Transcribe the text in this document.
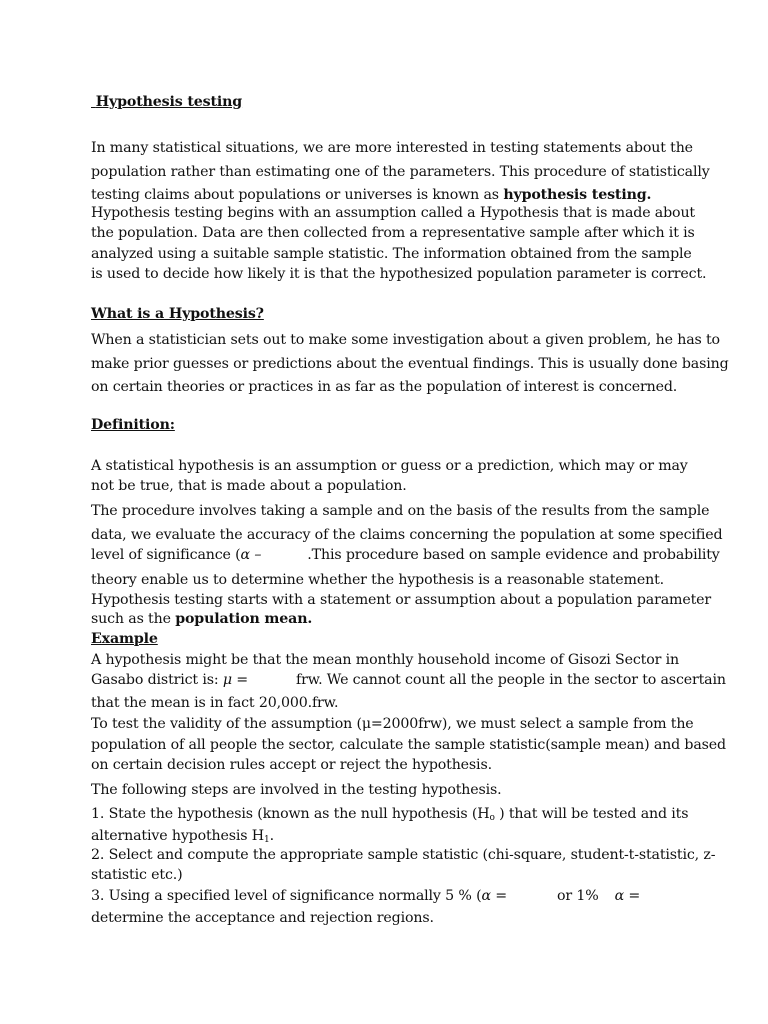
Hypothesis testing
In many statistical situations, we are more interested in testing statements about the
population rather than estimating one of the parameters. This procedure of statistically
testing claims about populations or universes is known as hypothesis testing.
Hypothesis testing begins with an assumption called a Hypothesis that is made about
the population. Data are then collected from a representative sample after which it is
analyzed using a suitable sample statistic. The information obtained from the sample
is used to decide how likely it is that the hypothesized population parameter is correct.
What is a Hypothesis?
When a statistician sets out to make some investigation about a given problem, he has to
make prior guesses or predictions about the eventual findings. This is usually done basing
on certain theories or practices in as far as the population of interest is concerned.
Definition:
A statistical hypothesis is an assumption or guess or a prediction, which may or may
not be true, that is made about a population.
The procedure involves taking a sample and on the basis of the results from the sample
data, we evaluate the accuracy of the claims concerning the population at some specified
level of significance (α –	.This procedure based on sample evidence and probability
theory enable us to determine whether the hypothesis is a reasonable statement.
Hypothesis testing starts with a statement or assumption about a population parameter
such as the population mean.
Example
A hypothesis might be that the mean monthly household income of Gisozi Sector in
Gasabo district is: μ =	frw. We cannot count all the people in the sector to ascertain
that the mean is in fact 20,000.frw.
To test the validity of the assumption (μ=2000frw), we must select a sample from the
population of all people the sector, calculate the sample statistic(sample mean) and based
on certain decision rules accept or reject the hypothesis.
The following steps are involved in the testing hypothesis.
1. State the hypothesis (known as the null hypothesis ($H_o$ ) that will be tested and its
alternative hypothesis $H_1$.
2. Select and compute the appropriate sample statistic (chi-square, student-t-statistic, z-
statistic etc.)
3. Using a specified level of significance normally 5 % (α =	or 1% α =
determine the acceptance and rejection regions.
